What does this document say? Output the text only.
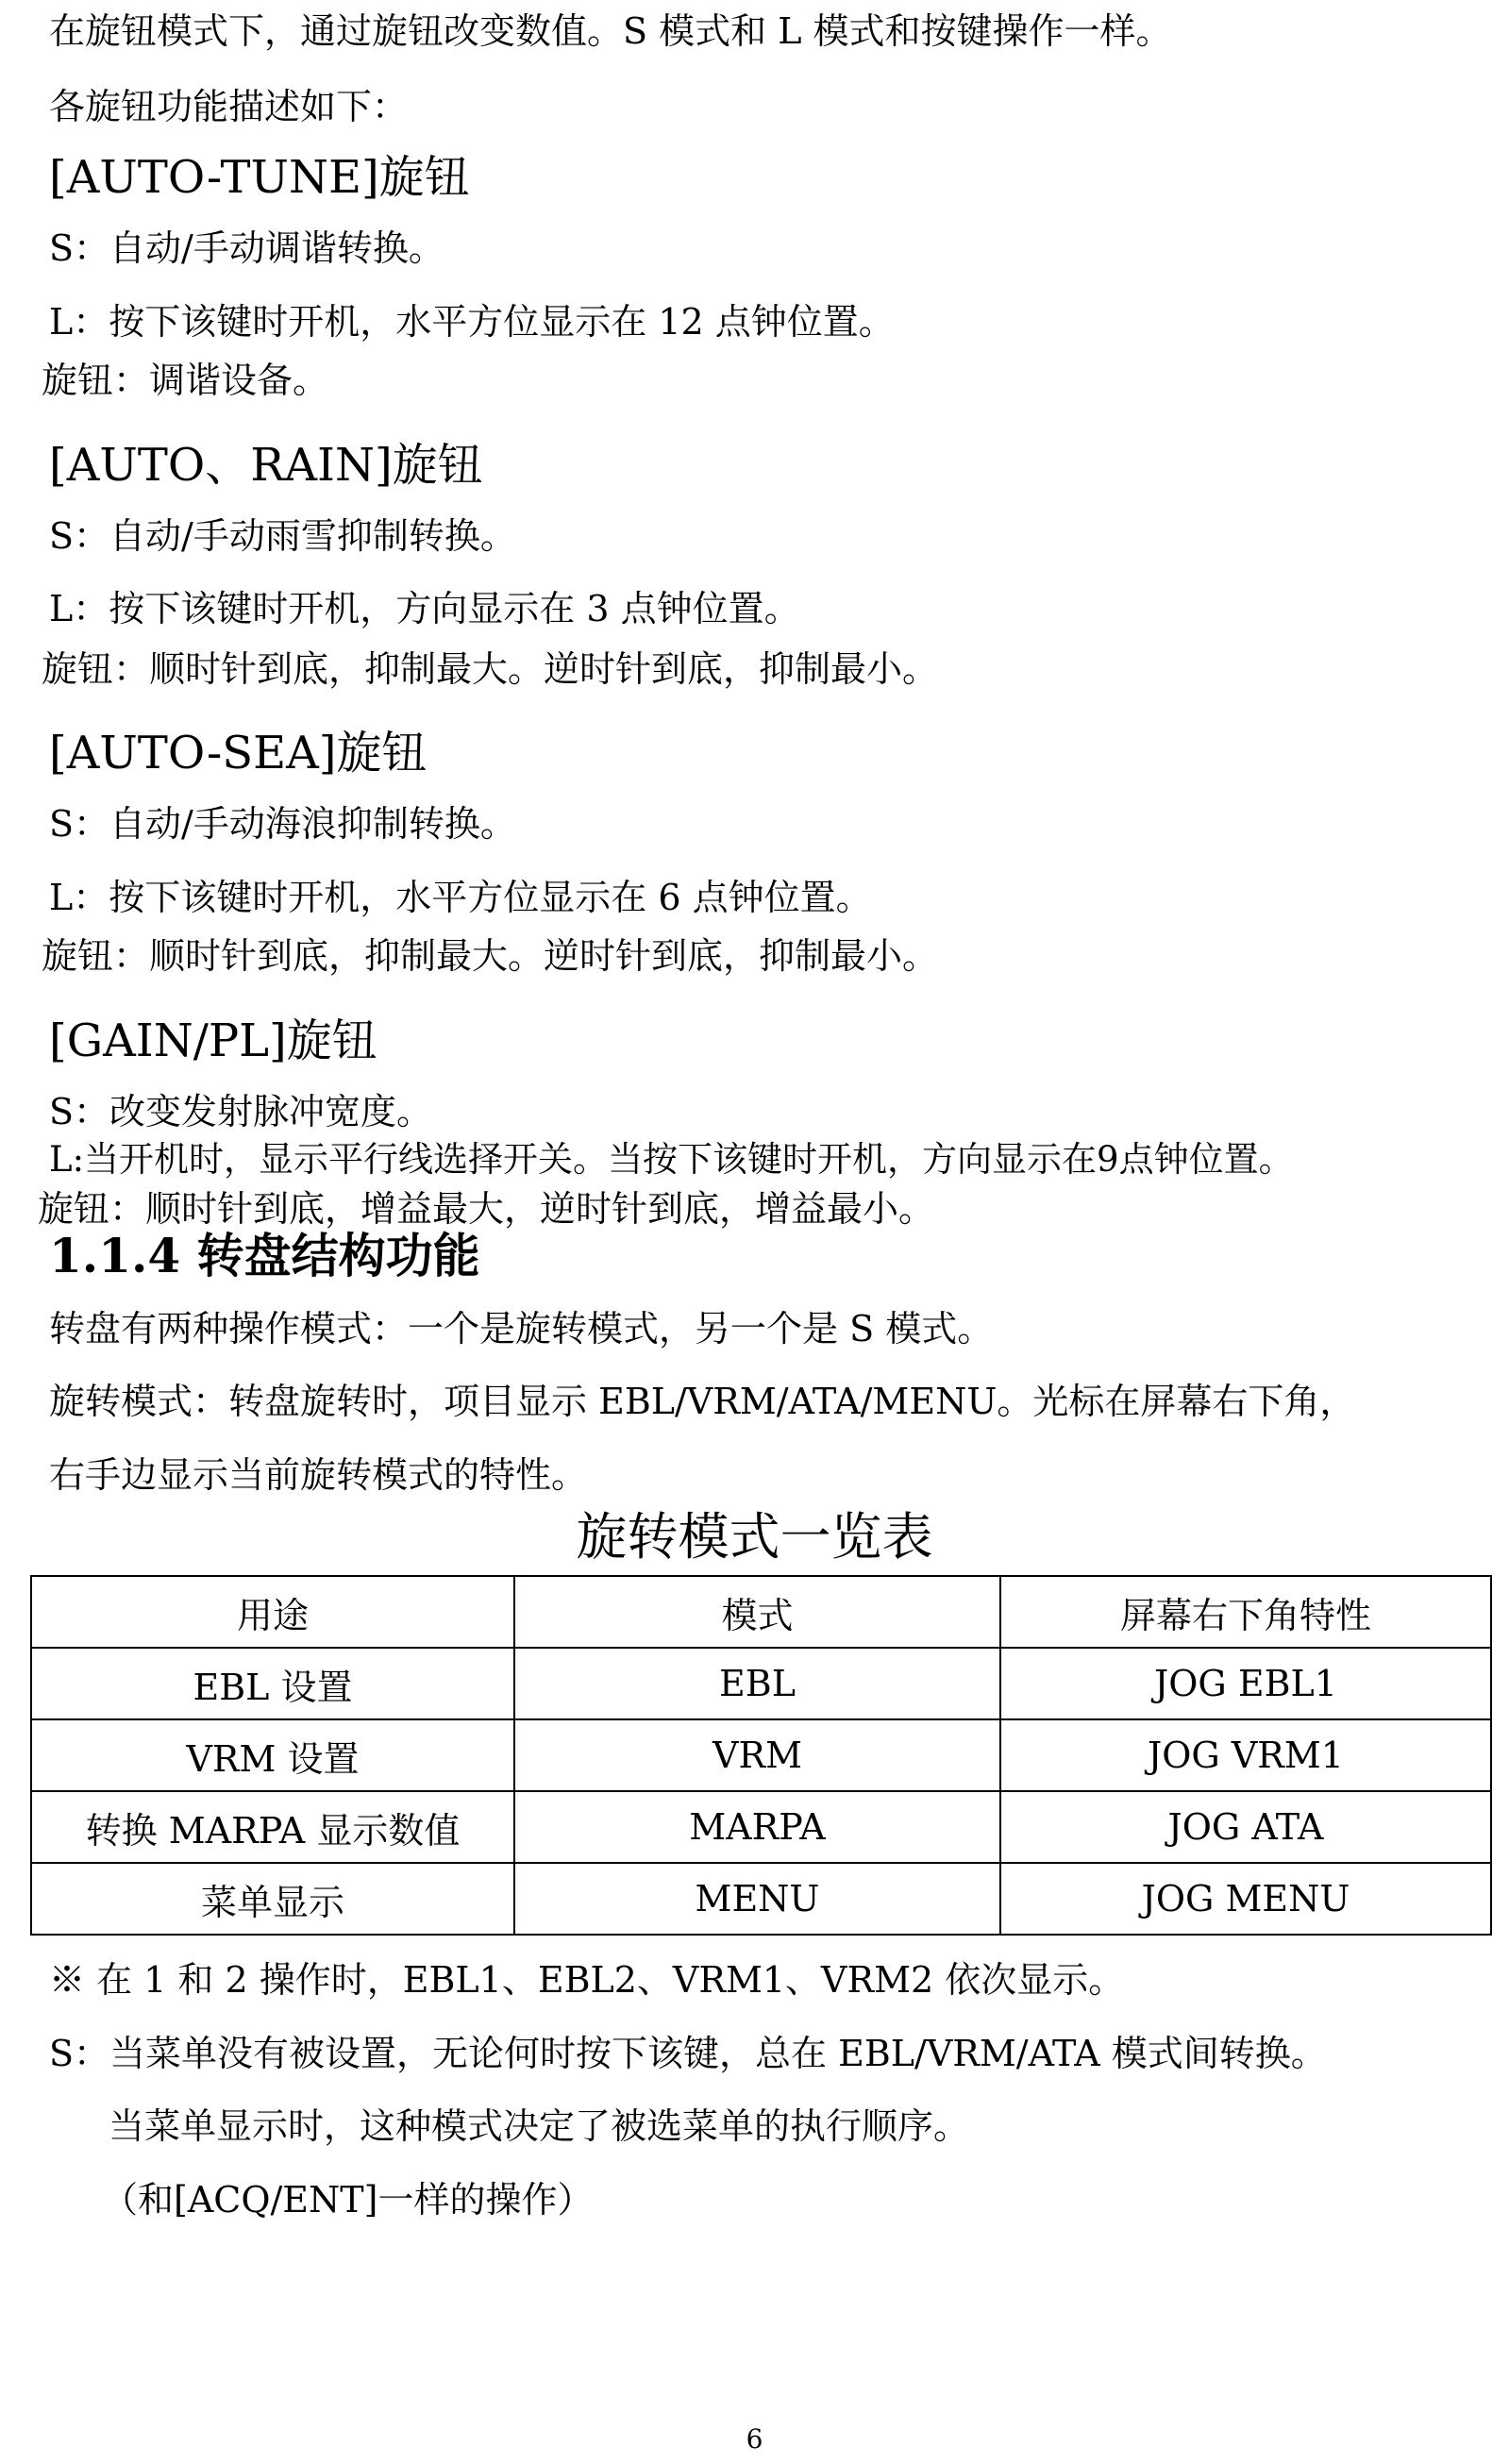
在旋钮模式下，通过旋钮改变数值。S 模式和 L 模式和按键操作一样。
各旋钮功能描述如下：
[AUTO-TUNE]旋钮
S：自动/手动调谐转换。
L：按下该键时开机，水平方位显示在 12 点钟位置。
旋钮：调谐设备。
[AUTO、RAIN]旋钮
S：自动/手动雨雪抑制转换。
L：按下该键时开机，方向显示在 3 点钟位置。
旋钮：顺时针到底，抑制最大。逆时针到底，抑制最小。
[AUTO-SEA]旋钮
S：自动/手动海浪抑制转换。
L：按下该键时开机，水平方位显示在 6 点钟位置。
旋钮：顺时针到底，抑制最大。逆时针到底，抑制最小。
[GAIN/PL]旋钮
S：改变发射脉冲宽度。
L:当开机时，显示平行线选择开关。当按下该键时开机，方向显示在9点钟位置。
旋钮：顺时针到底，增益最大，逆时针到底，增益最小。
1.1.4 转盘结构功能
转盘有两种操作模式：一个是旋转模式，另一个是 S 模式。
旋转模式：转盘旋转时，项目显示 EBL/VRM/ATA/MENU。光标在屏幕右下角，
右手边显示当前旋转模式的特性。
旋转模式一览表
用途	模式	屏幕右下角特性
EBL 设置	EBL	JOG EBL1
VRM 设置	VRM	JOG VRM1
转换 MARPA 显示数值	MARPA	JOG ATA
菜单显示	MENU	JOG MENU
※ 在 1 和 2 操作时，EBL1、EBL2、VRM1、VRM2 依次显示。
S：当菜单没有被设置，无论何时按下该键，总在 EBL/VRM/ATA 模式间转换。
当菜单显示时，这种模式决定了被选菜单的执行顺序。
（和[ACQ/ENT]一样的操作）
6
